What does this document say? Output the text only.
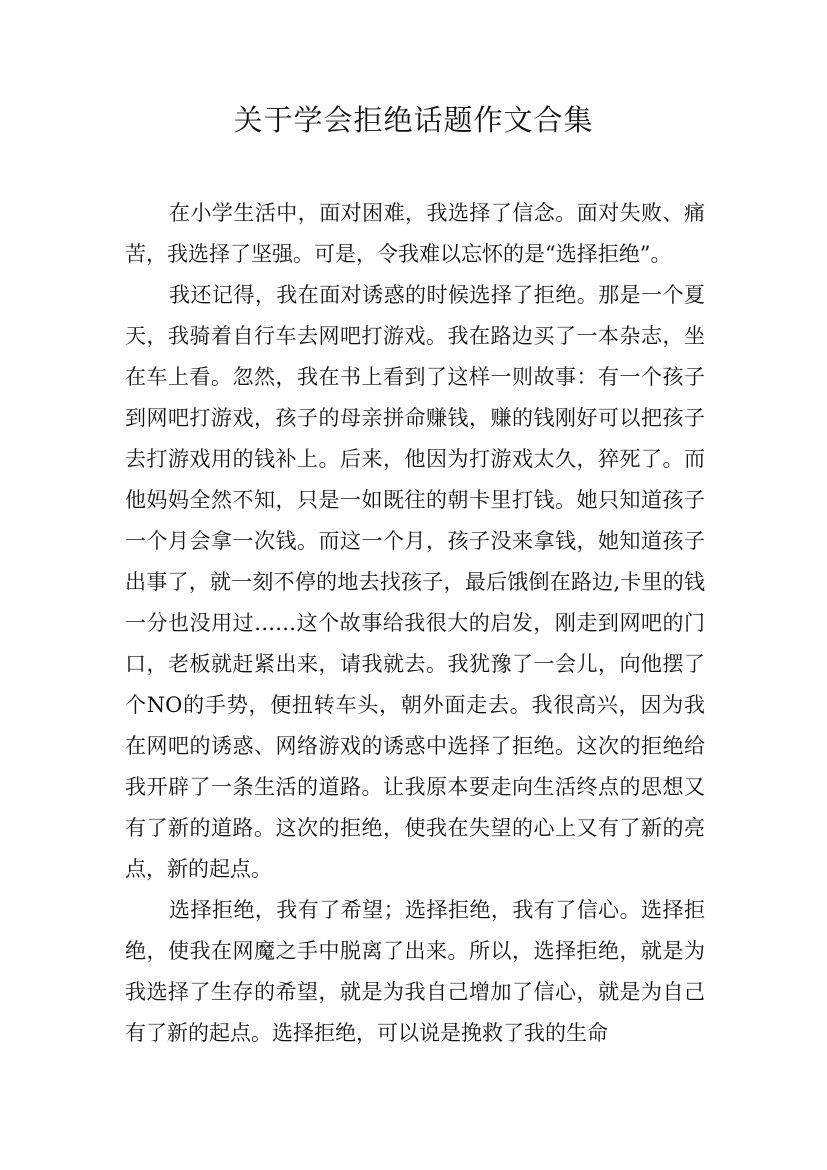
关于学会拒绝话题作文合集

在小学生活中，面对困难，我选择了信念。面对失败、痛苦，我选择了坚强。可是，令我难以忘怀的是“选择拒绝”。

我还记得，我在面对诱惑的时候选择了拒绝。那是一个夏天，我骑着自行车去网吧打游戏。我在路边买了一本杂志，坐在车上看。忽然，我在书上看到了这样一则故事：有一个孩子到网吧打游戏，孩子的母亲拼命赚钱，赚的钱刚好可以把孩子去打游戏用的钱补上。后来，他因为打游戏太久，猝死了。而他妈妈全然不知，只是一如既往的朝卡里打钱。她只知道孩子一个月会拿一次钱。而这一个月，孩子没来拿钱，她知道孩子出事了，就一刻不停的地去找孩子，最后饿倒在路边,卡里的钱一分也没用过……这个故事给我很大的启发，刚走到网吧的门口，老板就赶紧出来，请我就去。我犹豫了一会儿，向他摆了个NO的手势，便扭转车头，朝外面走去。我很高兴，因为我在网吧的诱惑、网络游戏的诱惑中选择了拒绝。这次的拒绝给我开辟了一条生活的道路。让我原本要走向生活终点的思想又有了新的道路。这次的拒绝，使我在失望的心上又有了新的亮点，新的起点。

选择拒绝，我有了希望；选择拒绝，我有了信心。选择拒绝，使我在网魔之手中脱离了出来。所以，选择拒绝，就是为我选择了生存的希望，就是为我自己增加了信心，就是为自己有了新的起点。选择拒绝，可以说是挽救了我的生命
